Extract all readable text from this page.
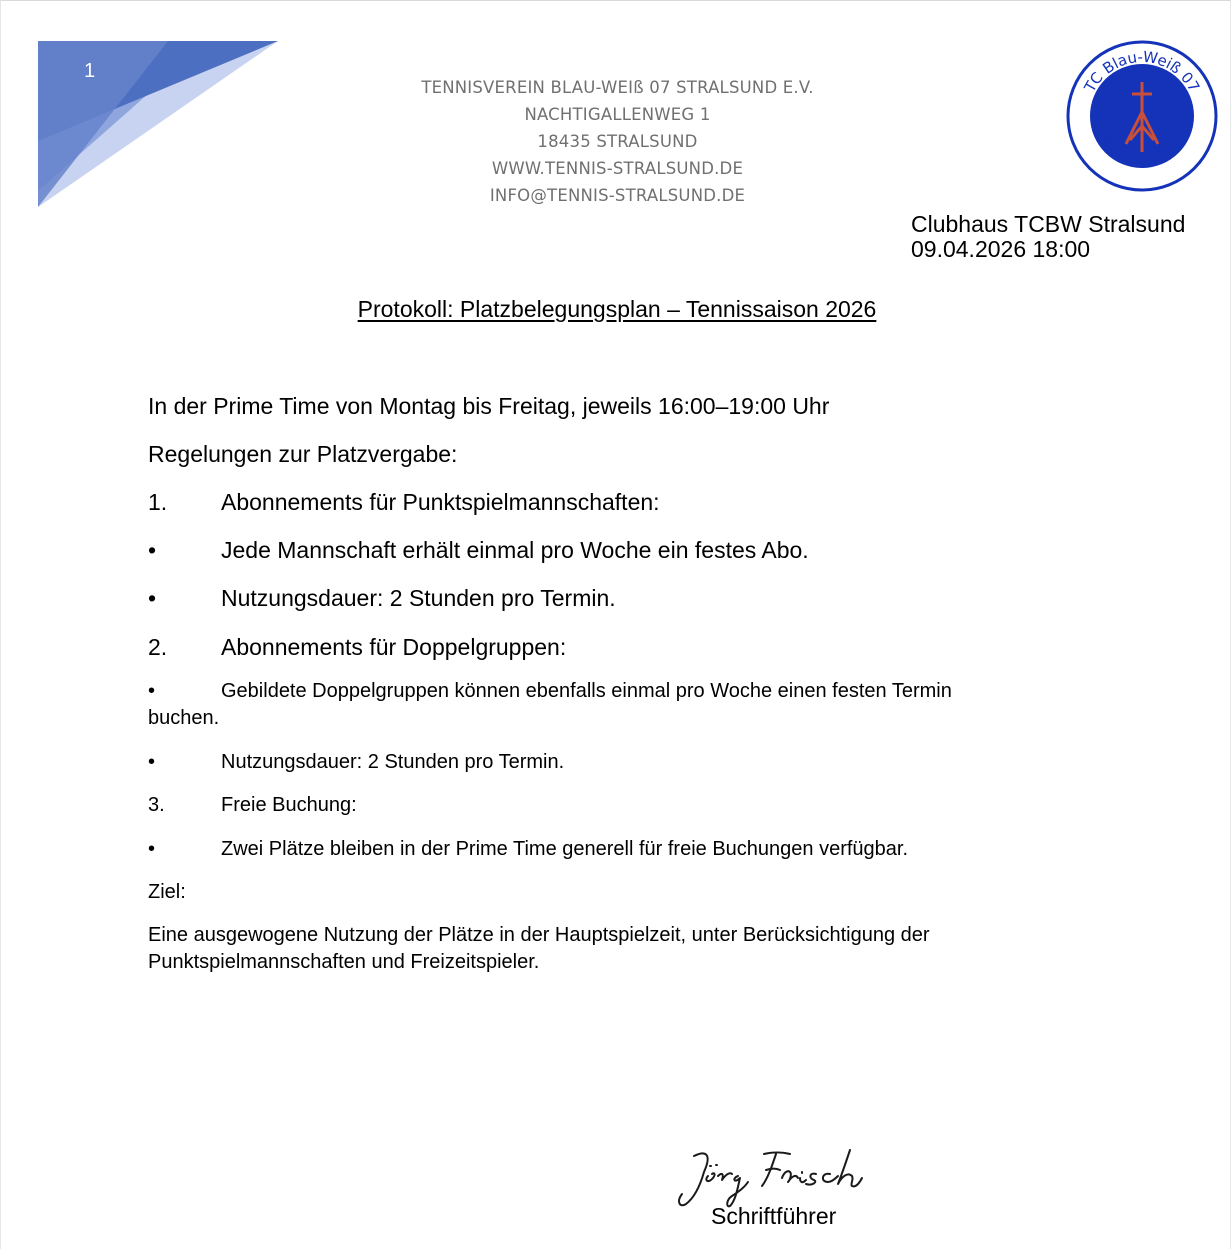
1
TENNISVEREIN BLAU-WEIß 07 STRALSUND E.V.
NACHTIGALLENWEG 1
18435 STRALSUND
WWW.TENNIS-STRALSUND.DE
INFO@TENNIS-STRALSUND.DE
TC Blau-Weiß 07
Stralsund e.V.
Clubhaus TCBW Stralsund
09.04.2026 18:00
Protokoll: Platzbelegungsplan – Tennissaison 2026
In der Prime Time von Montag bis Freitag, jeweils 16:00–19:00 Uhr
Regelungen zur Platzvergabe:
1. Abonnements für Punktspielmannschaften:
•	Jede Mannschaft erhält einmal pro Woche ein festes Abo.
•	Nutzungsdauer: 2 Stunden pro Termin.
2. Abonnements für Doppelgruppen:
•	Gebildete Doppelgruppen können ebenfalls einmal pro Woche einen festen Termin
buchen.
•	Nutzungsdauer: 2 Stunden pro Termin.
3.	Freie Buchung:
•	Zwei Plätze bleiben in der Prime Time generell für freie Buchungen verfügbar.
Ziel:
Eine ausgewogene Nutzung der Plätze in der Hauptspielzeit, unter Berücksichtigung der Punktspielmannschaften und Freizeitspieler.
Schriftführer
